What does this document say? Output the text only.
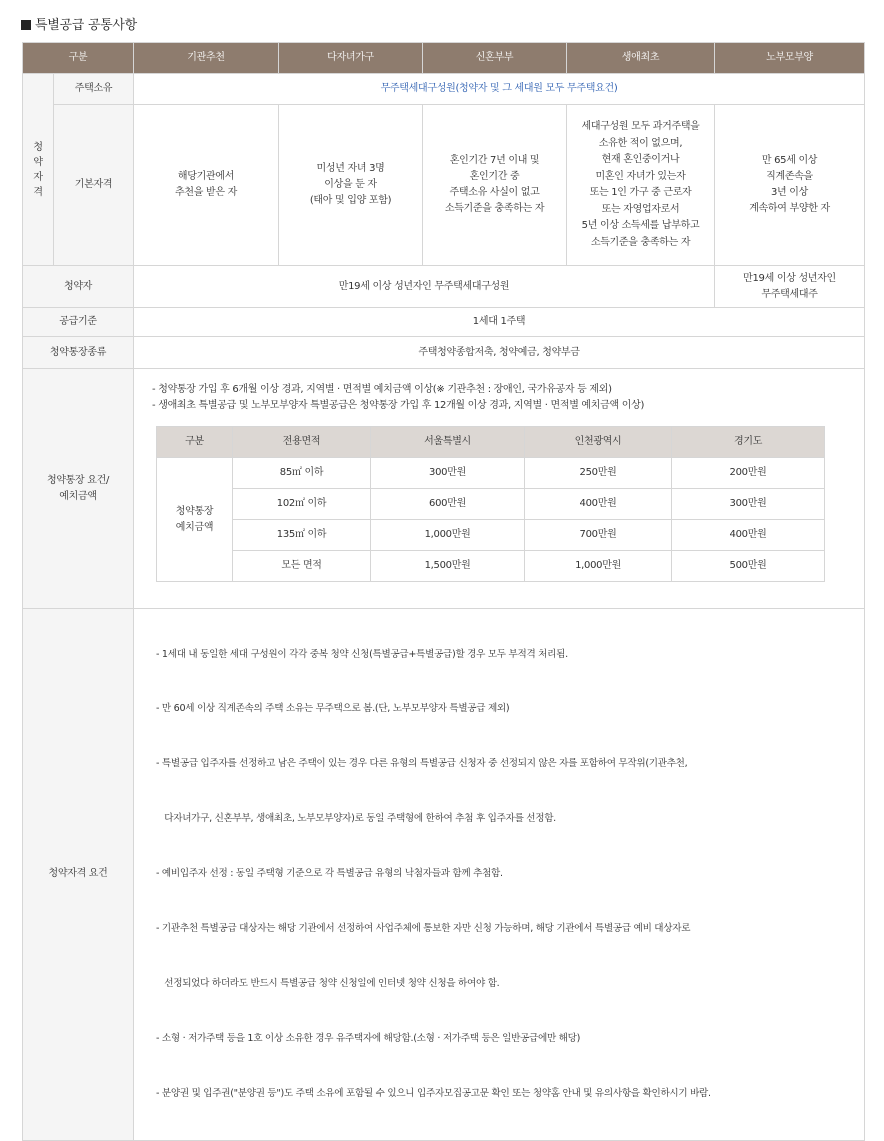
특별공급 공통사항
구분	기관추천	다자녀가구	신혼부부	생애최초	노부모부양
청
약
자
격	주택소유	무주택세대구성원(청약자 및 그 세대원 모두 무주택요건)
기본자격	해당기관에서
추천을 받은 자	미성년 자녀 3명
이상을 둔 자
(태아 및 입양 포함)	혼인기간 7년 이내 및
혼인기간 중
주택소유 사실이 없고
소득기준을 충족하는 자	세대구성원 모두 과거주택을
소유한 적이 없으며,
현재 혼인중이거나
미혼인 자녀가 있는자
또는 1인 가구 중 근로자
또는 자영업자로서
5년 이상 소득세를 납부하고
소득기준을 충족하는 자	만 65세 이상
직계존속을
3년 이상
계속하여 부양한 자
청약자	만19세 이상 성년자인 무주택세대구성원	만19세 이상 성년자인
무주택세대주
공급기준	1세대 1주택
청약통장종류	주택청약종합저축, 청약예금, 청약부금
청약통장 요건/
예치금액	
- 청약통장 가입 후 6개월 이상 경과, 지역별 · 면적별 예치금액 이상(※ 기관추천 : 장애인, 국가유공자 등 제외)
- 생애최초 특별공급 및 노부모부양자 특별공급은 청약통장 가입 후 12개월 이상 경과, 지역별 · 면적별 예치금액 이상)
구분	전용면적	서울특별시	인천광역시	경기도
청약통장
예치금액	85㎡ 이하	300만원	250만원	200만원
102㎡ 이하	600만원	400만원	300만원
135㎡ 이하	1,000만원	700만원	400만원
모든 면적	1,500만원	1,000만원	500만원

청약자격 요건	

- 1세대 내 동일한 세대 구성원이 각각 중복 청약 신청(특별공급+특별공급)할 경우 모두 부적격 처리됨.

- 만 60세 이상 직계존속의 주택 소유는 무주택으로 봄.(단, 노부모부양자 특별공급 제외)

- 특별공급 입주자를 선정하고 남은 주택이 있는 경우 다른 유형의 특별공급 신청자 중 선정되지 않은 자를 포함하여 무작위(기관추천,

다자녀가구, 신혼부부, 생애최초, 노부모부양자)로 동일 주택형에 한하여 추첨 후 입주자를 선정함.

- 예비입주자 선정 : 동일 주택형 기준으로 각 특별공급 유형의 낙첨자들과 함께 추첨함.

- 기관추천 특별공급 대상자는 해당 기관에서 선정하여 사업주체에 통보한 자만 신청 가능하며, 해당 기관에서 특별공급 예비 대상자로

선정되었다 하더라도 반드시 특별공급 청약 신청일에 인터넷 청약 신청을 하여야 함.

- 소형 · 저가주택 등을 1호 이상 소유한 경우 유주택자에 해당함.(소형 · 저가주택 등은 일반공급에만 해당)

- 분양권 및 입주권("분양권 등")도 주택 소유에 포함될 수 있으니 입주자모집공고문 확인 또는 청약홈 안내 및 유의사항을 확인하시기 바람.
